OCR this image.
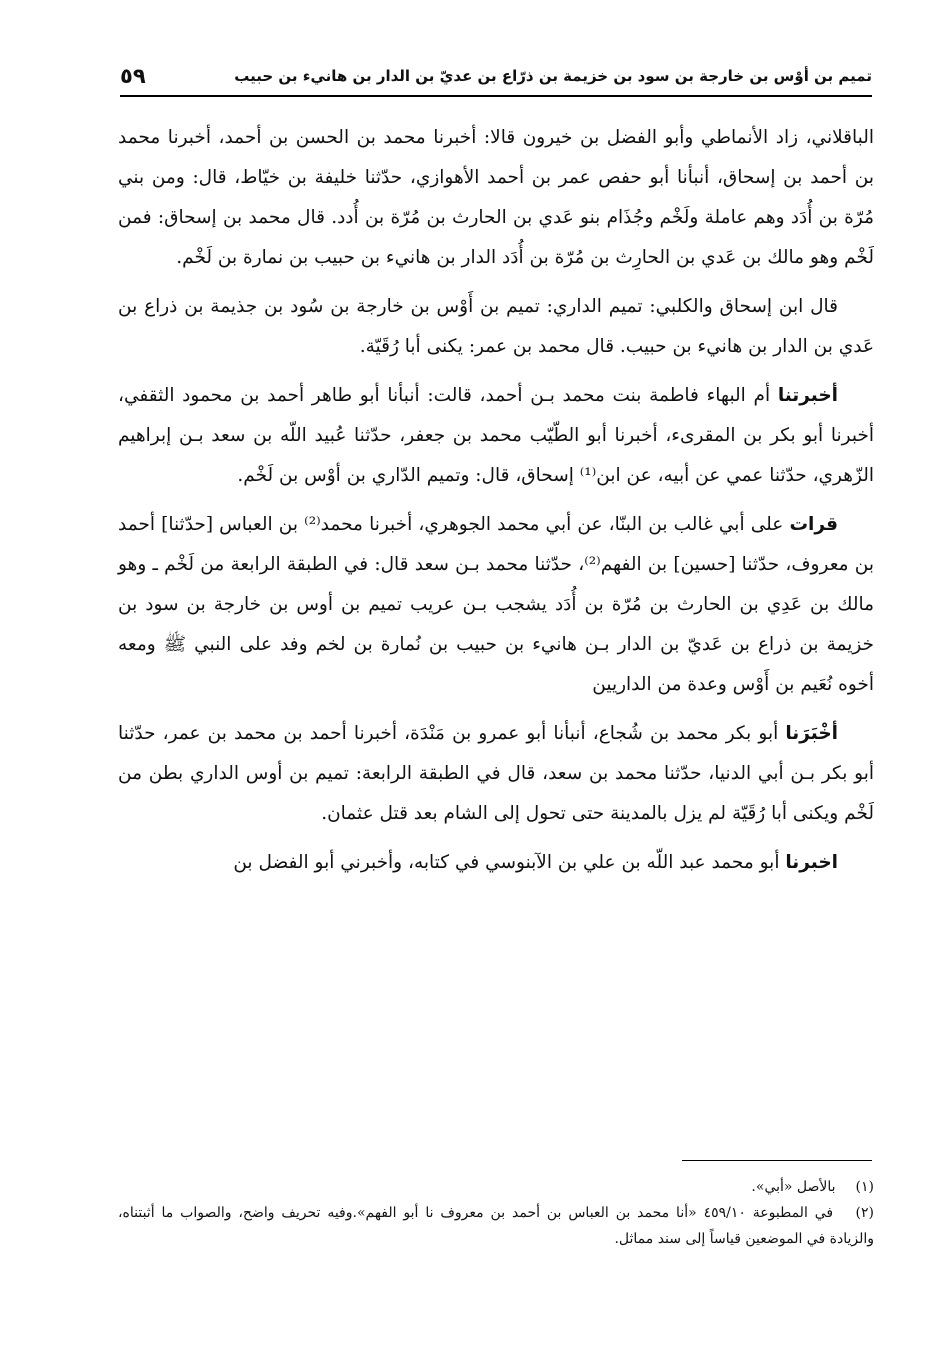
تميم بن أوْس بن خارجة بن سود بن خزيمة بن ذرّاع بن عديّ بن الدار بن هانيء بن حبيب
٥٩

الباقلاني، زاد الأنماطي وأبو الفضل بن خيرون قالا: أخبرنا محمد بن الحسن بن أحمد، أخبرنا محمد بن أحمد بن إسحاق، أنبأنا أبو حفص عمر بن أحمد الأهوازي، حدّثنا خليفة بن خيّاط، قال: ومن بني مُرّة بن أُدَد وهم عاملة ولَخْم وجُذَام بنو عَدي بن الحارث بن مُرّة بن أُدد. قال محمد بن إسحاق: فمن لَخْم وهو مالك بن عَدي بن الحارِث بن مُرّة بن أُدَد الدار بن هانيء بن حبيب بن نمارة بن لَخْم.

قال ابن إسحاق والكلبي: تميم الداري: تميم بن أَوْس بن خارجة بن سُود بن جذيمة بن ذراع بن عَدي بن الدار بن هانيء بن حبيب. قال محمد بن عمر: يكنى أبا رُقَيّة.

أخبرتنا أم البهاء فاطمة بنت محمد بـن أحمد، قالت: أنبأنا أبو طاهر أحمد بن محمود الثقفي، أخبرنا أبو بكر بن المقرىء، أخبرنا أبو الطّيّب محمد بن جعفر، حدّثنا عُبيد اللّه بن سعد بـن إبراهيم الزّهري، حدّثنا عمي عن أبيه، عن ابن⁽¹⁾ إسحاق، قال: وتميم الدّاري بن أوْس بن لَخْم.

قرات على أبي غالب بن البنّا، عن أبي محمد الجوهري، أخبرنا محمد⁽²⁾ بن العباس [حدّثنا] أحمد بن معروف، حدّثنا [حسين] بن الفهم⁽²⁾، حدّثنا محمد بـن سعد قال: في الطبقة الرابعة من لَخْم ـ وهو مالك بن عَدِي بن الحارث بن مُرّة بن أُدَد يشجب بـن عريب تميم بن أوس بن خارجة بن سود بن خزيمة بن ذراع بن عَديّ بن الدار بـن هانيء بن حبيب بن نُمارة بن لخم وفد على النبي ﷺ ومعه أخوه نُعَيم بن أَوْس وعدة من الداريين

أخْبَرَنا أبو بكر محمد بن شُجاع، أنبأنا أبو عمرو بن مَنْدَة، أخبرنا أحمد بن محمد بن عمر، حدّثنا أبو بكر بـن أبي الدنيا، حدّثنا محمد بن سعد، قال في الطبقة الرابعة: تميم بن أوس الداري بطن من لَخْم ويكنى أبا رُقَيّة لم يزل بالمدينة حتى تحول إلى الشام بعد قتل عثمان.

اخبرنا أبو محمد عبد اللّه بن علي بن الآبنوسي في كتابه، وأخبرني أبو الفضل بن

(١) بالأصل «أبي».

(٢) في المطبوعة ٤٥٩/١٠ «أنا محمد بن العباس بن أحمد بن معروف نا أبو الفهم».وفيه تحريف واضح، والصواب ما أثبتناه، والزيادة في الموضعين قياساً إلى سند مماثل.
